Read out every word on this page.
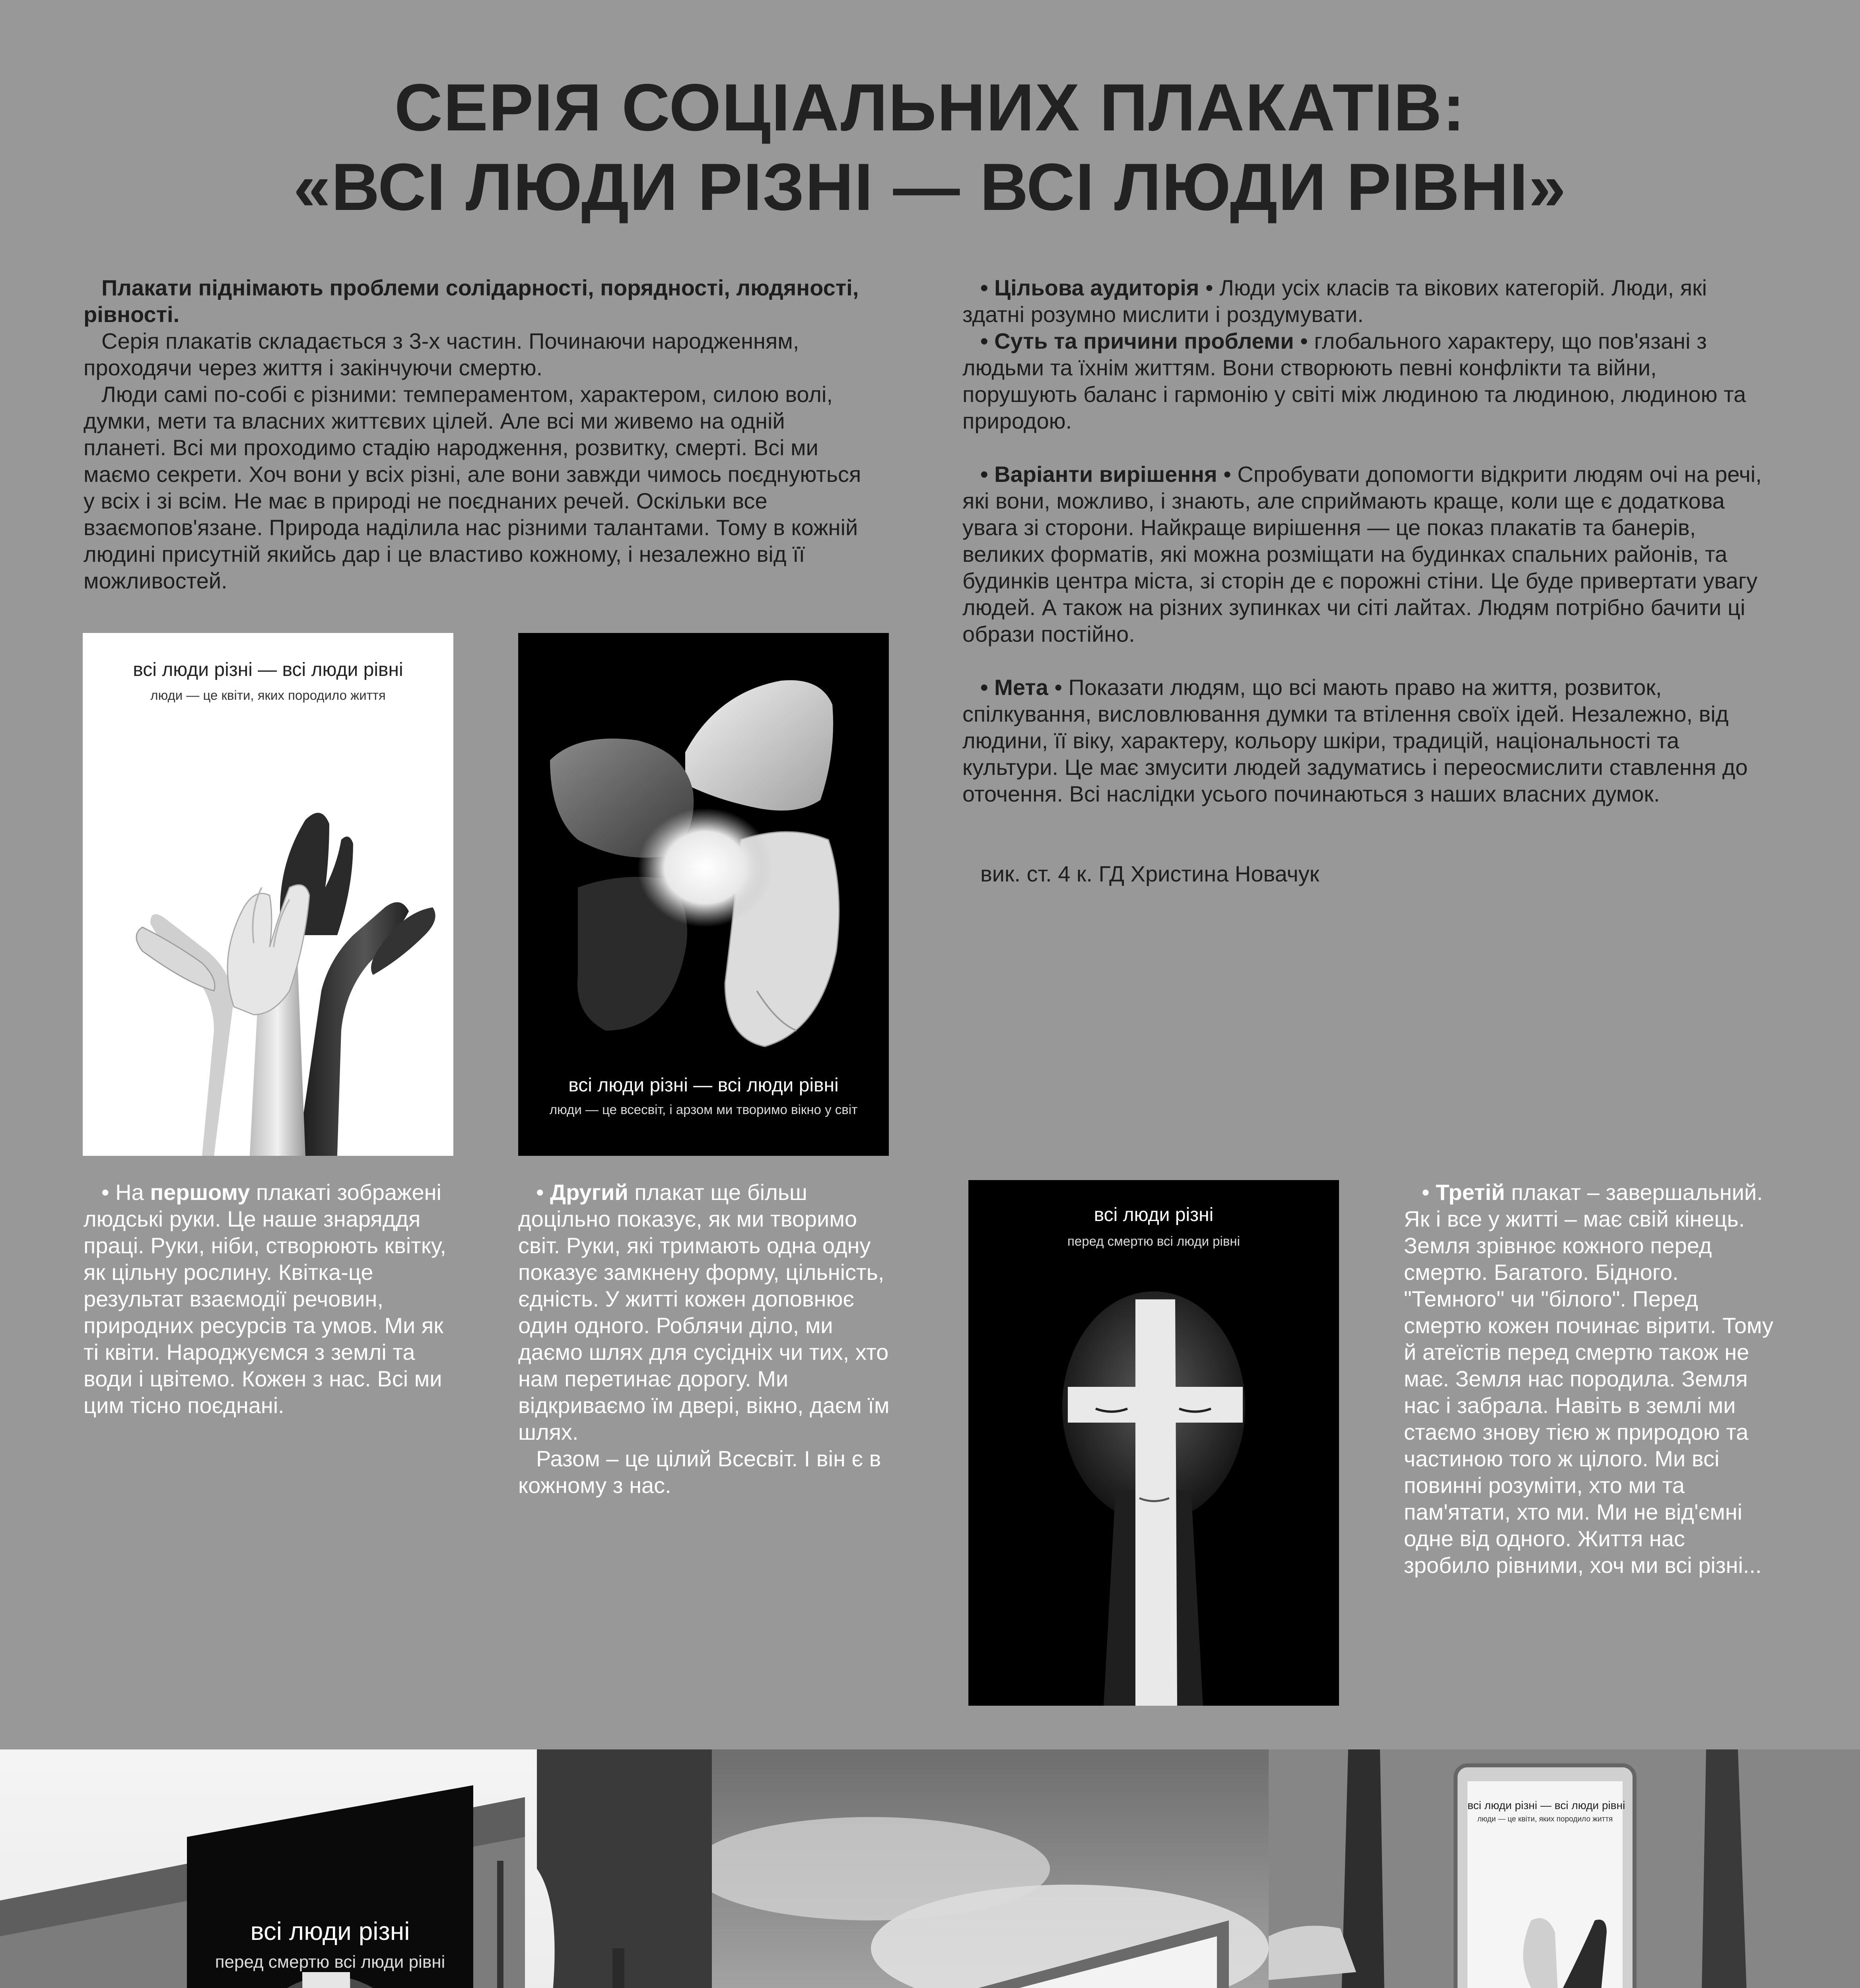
СЕРІЯ СОЦІАЛЬНИХ ПЛАКАТІВ:
«ВСІ ЛЮДИ РІЗНІ — ВСІ ЛЮДИ РІВНІ»

Плакати піднімають проблеми солідарності, порядності, людяності, рівності.

Серія плакатів складається з 3-х частин. Починаючи народженням, проходячи через життя і закінчуючи смертю.

Люди самі по-собі є різними: темпераментом, характером, силою волі, думки, мети та власних життєвих цілей. Але всі ми живемо на одній планеті. Всі ми проходимо стадію народження, розвитку, смерті. Всі ми маємо секрети. Хоч вони у всіх різні, але вони завжди чимось поєднуються у всіх і зі всім. Не має в природі не поєднаних речей. Оскільки все взаємопов'язане. Природа наділила нас різними талантами. Тому в кожній людині присутній якийсь дар і це властиво кожному, і незалежно від її можливостей.

• Цільова аудиторія • Люди усіх класів та вікових категорій. Люди, які здатні розумно мислити і роздумувати.

• Суть та причини проблеми • глобального характеру, що пов'язані з людьми та їхнім життям. Вони створюють певні конфлікти та війни, порушують баланс і гармонію у світі між людиною та людиною, людиною та природою.

• Варіанти вирішення • Спробувати допомогти відкрити людям очі на речі, які вони, можливо, і знають, але сприймають краще, коли ще є додаткова увага зі сторони. Найкраще вирішення — це показ плакатів та банерів, великих форматів, які можна розміщати на будинках спальних районів, та будинків центра міста, зі сторін де є порожні стіни. Це буде привертати увагу людей. А також на різних зупинках чи сіті лайтах. Людям потрібно бачити ці образи постійно.

• Мета • Показати людям, що всі мають право на життя, розвиток, спілкування, висловлювання думки та втілення своїх ідей. Незалежно, від людини, її віку, характеру, кольору шкіри, традицій, національності та культури. Це має змусити людей задуматись і переосмислити ставлення до оточення. Всі наслідки усього починаються з наших власних думок.

вик. ст. 4 к. ГД Христина Новачук

всі люди різні — всі люди рівні
люди — це квіти, яких породило життя
всі люди різні — всі люди рівні
люди — це всесвіт, і арзом ми творимо вікно у світ
всі люди різні
перед смертю всі люди рівні

• На першому плакаті зображені людські руки. Це наше знаряддя праці. Руки, ніби, створюють квітку, як цільну рослину. Квітка-це результат взаємодії речовин, природних ресурсів та умов. Ми як ті квіти. Народжуємся з землі та води і цвітемо. Кожен з нас. Всі ми цим тісно поєднані.

• Другий плакат ще більш доцільно показує, як ми творимо світ. Руки, які тримають одна одну показує замкнену форму, цільність, єдність. У житті кожен доповнює один одного. Роблячи діло, ми даємо шлях для сусідніх чи тих, хто нам перетинає дорогу. Ми відкриваємо їм двері, вікно, даєм їм шлях.

Разом – це цілий Всесвіт. І він є в кожному з нас.

• Третій плакат – завершальний. Як і все у житті – має свій кінець. Земля зрівнює кожного перед смертю. Багатого. Бідного. "Темного" чи "білого". Перед смертю кожен починає вірити. Тому й атеїстів перед смертю також не має. Земля нас породила. Земля нас і забрала. Навіть в землі ми стаємо знову тією ж природою та частиною того ж цілого. Ми всі повинні розуміти, хто ми та пам'ятати, хто ми. Ми не від'ємні одне від одного. Життя нас зробило рівними, хоч ми всі різні...

всі люди різні
перед смертю всі люди рівні
всі люди різні — всі люди рівні
люди — це квіти, яких породило життя
